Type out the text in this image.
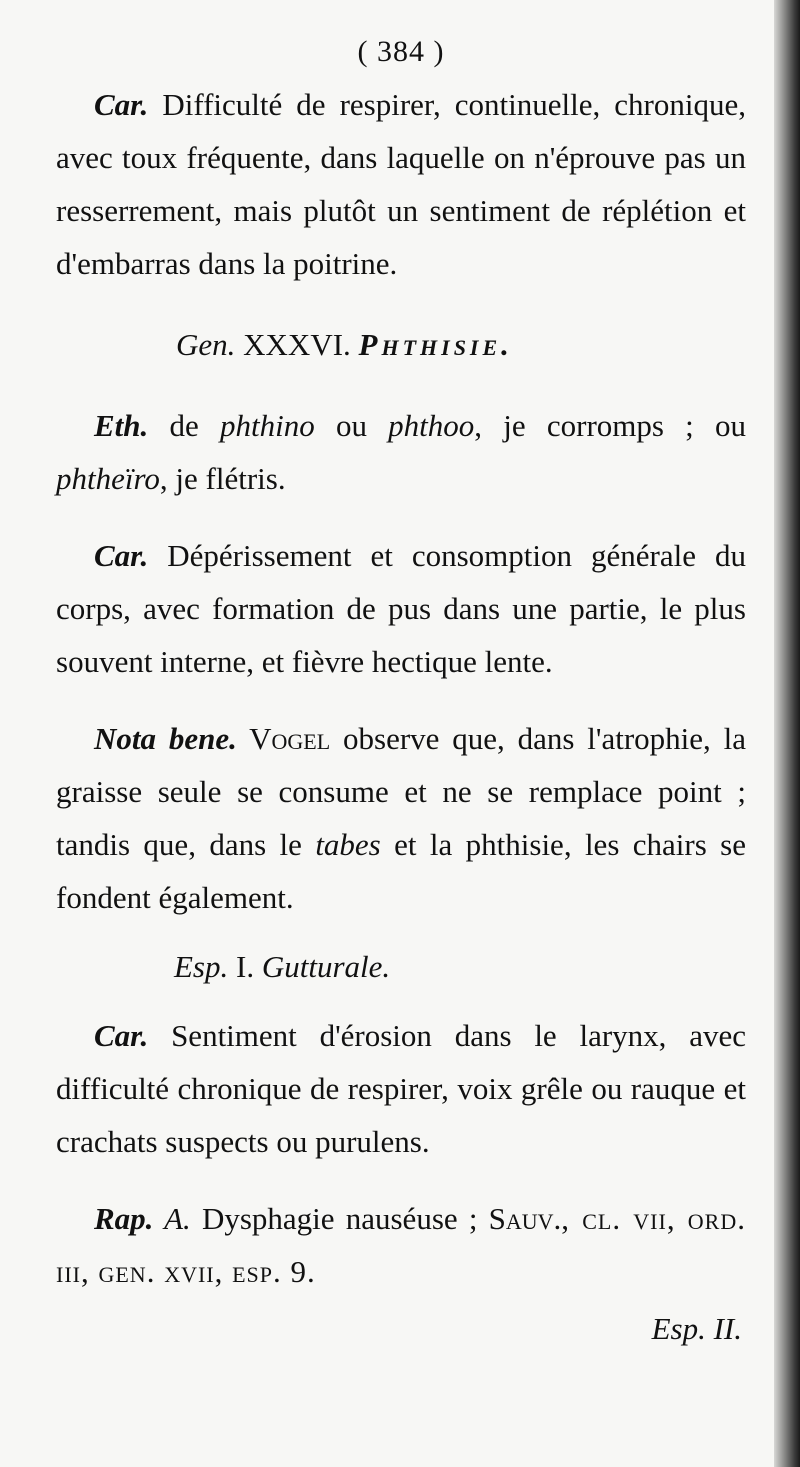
( 384 )

Car. Difficulté de respirer, continuelle, chronique, avec toux fréquente, dans laquelle on n'éprouve pas un resserrement, mais plutôt un sentiment de réplétion et d'embarras dans la poitrine.

Gen. XXXVI. Phthisie.

Eth. de phthino ou phthoo, je corromps ; ou phtheïro, je flétris.

Car. Dépérissement et consomption générale du corps, avec formation de pus dans une partie, le plus souvent interne, et fièvre hectique lente.

Nota bene. Vogel observe que, dans l'atrophie, la graisse seule se consume et ne se remplace point ; tandis que, dans le tabes et la phthisie, les chairs se fondent également.

Esp. I. Gutturale.

Car. Sentiment d'érosion dans le larynx, avec difficulté chronique de respirer, voix grêle ou rauque et crachats suspects ou purulens.

Rap. A. Dysphagie nauséuse ; Sauv., cl. vii, ord. iii, gen. xvii, esp. 9.

Esp. II.
